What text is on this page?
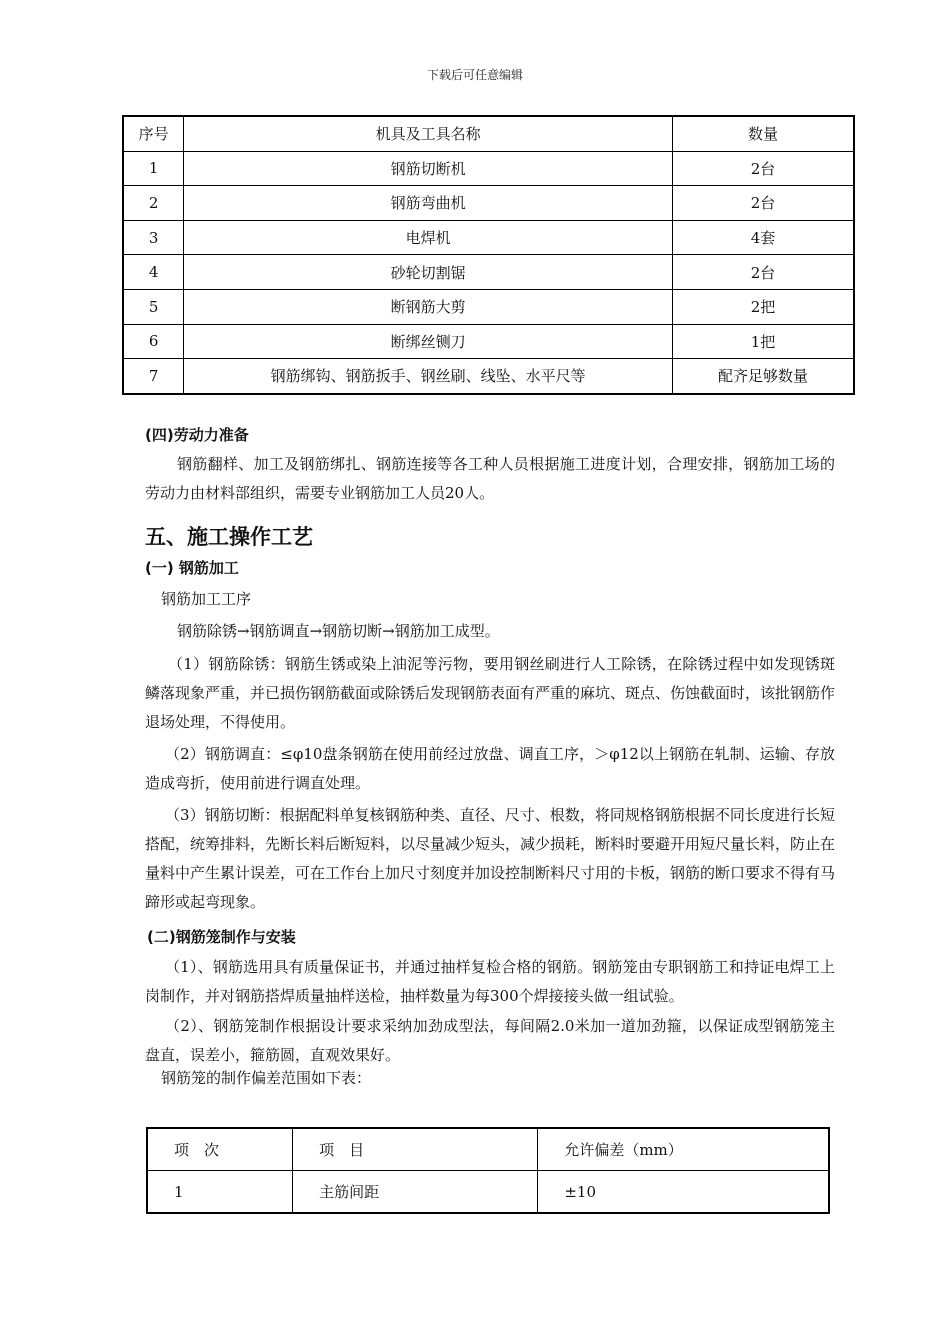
下载后可任意编辑
序号	机具及工具名称	数量
1	钢筋切断机	2台
2	钢筋弯曲机	2台
3	电焊机	4套
4	砂轮切割锯	2台
5	断钢筋大剪	2把
6	断绑丝铡刀	1把
7	钢筋绑钩、钢筋扳手、钢丝刷、线坠、水平尺等	配齐足够数量
(四)劳动力准备

钢筋翻样、加工及钢筋绑扎、钢筋连接等各工种人员根据施工进度计划，合理安排，钢筋加工场的劳动力由材料部组织，需要专业钢筋加工人员20人。

五、施工操作工艺
(一) 钢筋加工

钢筋加工工序

钢筋除锈→钢筋调直→钢筋切断→钢筋加工成型。

（1）钢筋除锈：钢筋生锈或染上油泥等污物，要用钢丝刷进行人工除锈，在除锈过程中如发现锈斑鳞落现象严重，并已损伤钢筋截面或除锈后发现钢筋表面有严重的麻坑、斑点、伤蚀截面时，该批钢筋作退场处理，不得使用。

（2）钢筋调直：≤φ10盘条钢筋在使用前经过放盘、调直工序，＞φ12以上钢筋在轧制、运输、存放造成弯折，使用前进行调直处理。

（3）钢筋切断：根据配料单复核钢筋种类、直径、尺寸、根数，将同规格钢筋根据不同长度进行长短搭配，统筹排料，先断长料后断短料，以尽量减少短头，减少损耗，断料时要避开用短尺量长料，防止在量料中产生累计误差，可在工作台上加尺寸刻度并加设控制断料尺寸用的卡板，钢筋的断口要求不得有马蹄形或起弯现象。

(二)钢筋笼制作与安装

（1）、钢筋选用具有质量保证书，并通过抽样复检合格的钢筋。钢筋笼由专职钢筋工和持证电焊工上岗制作，并对钢筋搭焊质量抽样送检，抽样数量为每300个焊接接头做一组试验。

（2）、钢筋笼制作根据设计要求采纳加劲成型法，每间隔2.0米加一道加劲箍，以保证成型钢筋笼主盘直，误差小，箍筋圆，直观效果好。

钢筋笼的制作偏差范围如下表：

项　次	项　目	允许偏差（mm）
1	主筋间距	±10
